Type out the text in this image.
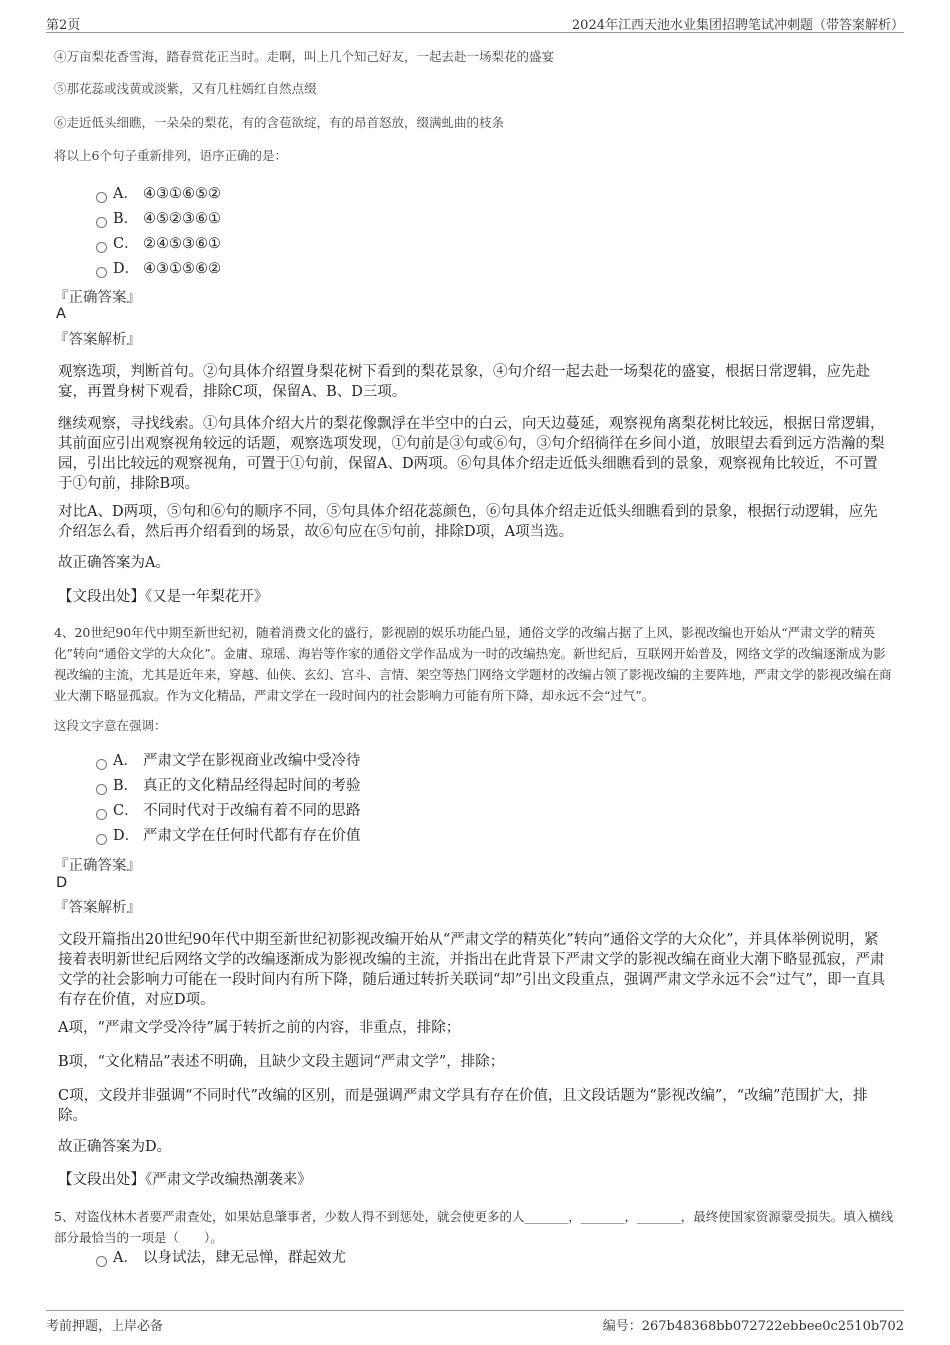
第2页	2024年江西天池水业集团招聘笔试冲刺题（带答案解析）
④万亩梨花香雪海，踏春赏花正当时。走啊，叫上几个知己好友，一起去赴一场梨花的盛宴
⑤那花蕊或浅黄或淡紫，又有几柱嫣红自然点缀
⑥走近低头细瞧，一朵朵的梨花，有的含苞欲绽，有的昂首怒放，缀满虬曲的枝条
将以上6个句子重新排列，语序正确的是：
A． ④③①⑥⑤②
B． ④⑤②③⑥①
C． ②④⑤③⑥①
D． ④③①⑤⑥②
『正确答案』
A
『答案解析』
观察选项，判断首句。②句具体介绍置身梨花树下看到的梨花景象，④句介绍一起去赴一场梨花的盛宴，根据日常逻辑，应先赴宴，再置身树下观看，排除C项，保留A、B、D三项。
继续观察，寻找线索。①句具体介绍大片的梨花像飘浮在半空中的白云，向天边蔓延，观察视角离梨花树比较远，根据日常逻辑，其前面应引出观察视角较远的话题，观察选项发现，①句前是③句或⑥句，③句介绍徜徉在乡间小道，放眼望去看到远方浩瀚的梨园，引出比较远的观察视角，可置于①句前，保留A、D两项。⑥句具体介绍走近低头细瞧看到的景象，观察视角比较近，不可置于①句前，排除B项。
对比A、D两项，⑤句和⑥句的顺序不同，⑤句具体介绍花蕊颜色，⑥句具体介绍走近低头细瞧看到的景象，根据行动逻辑，应先介绍怎么看，然后再介绍看到的场景，故⑥句应在⑤句前，排除D项，A项当选。
故正确答案为A。
【文段出处】《又是一年梨花开》
4、20世纪90年代中期至新世纪初，随着消费文化的盛行，影视剧的娱乐功能凸显，通俗文学的改编占据了上风，影视改编也开始从“严肃文学的精英化”转向“通俗文学的大众化”。金庸、琼瑶、海岩等作家的通俗文学作品成为一时的改编热宠。新世纪后，互联网开始普及，网络文学的改编逐渐成为影视改编的主流，尤其是近年来，穿越、仙侠、玄幻、宫斗、言情、架空等热门网络文学题材的改编占领了影视改编的主要阵地，严肃文学的影视改编在商业大潮下略显孤寂。作为文化精品，严肃文学在一段时间内的社会影响力可能有所下降，却永远不会“过气”。
这段文字意在强调：
A． 严肃文学在影视商业改编中受冷待
B． 真正的文化精品经得起时间的考验
C． 不同时代对于改编有着不同的思路
D． 严肃文学在任何时代都有存在价值
『正确答案』
D
『答案解析』
文段开篇指出20世纪90年代中期至新世纪初影视改编开始从“严肃文学的精英化”转向“通俗文学的大众化”，并具体举例说明，紧接着表明新世纪后网络文学的改编逐渐成为影视改编的主流，并指出在此背景下严肃文学的影视改编在商业大潮下略显孤寂，严肃文学的社会影响力可能在一段时间内有所下降，随后通过转折关联词“却”引出文段重点，强调严肃文学永远不会“过气”，即一直具有存在价值，对应D项。
A项，“严肃文学受冷待”属于转折之前的内容，非重点，排除；
B项，“文化精品”表述不明确，且缺少文段主题词“严肃文学”，排除；
C项，文段并非强调“不同时代”改编的区别，而是强调严肃文学具有存在价值，且文段话题为“影视改编”，“改编”范围扩大，排除。
故正确答案为D。
【文段出处】《严肃文学改编热潮袭来》
5、对盗伐林木者要严肃查处，如果姑息肇事者，少数人得不到惩处，就会使更多的人_______，_______，_______，最终使国家资源蒙受损失。填入横线部分最恰当的一项是（　　）。
A． 以身试法，肆无忌惮，群起效尤
考前押题，上岸必备	编号：267b48368bb072722ebbee0c2510b702
